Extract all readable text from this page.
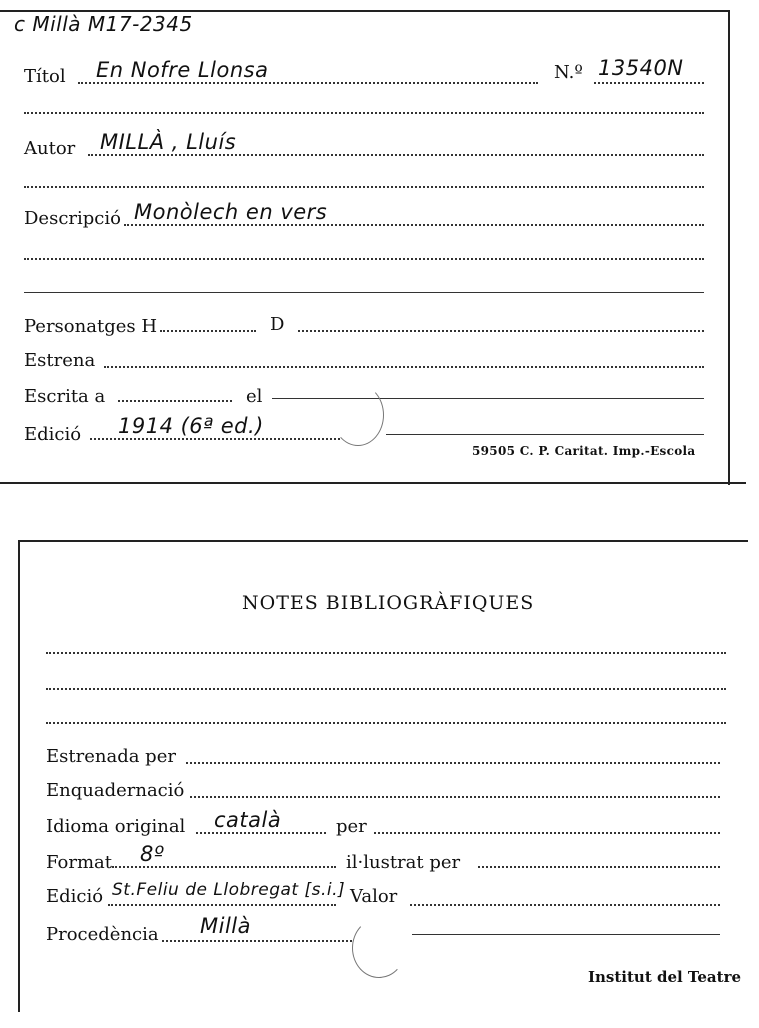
c Millà M17-2345
Títol En Nofre Llonsa	N.º 13540N
Autor MILLÀ , Lluís
Descripció Monòlech en vers
Personatges H	D
Estrena
Escrita a	el
Edició 1914 (6ª ed.)
59505 C. P. Caritat. Imp.-Escola
NOTES BIBLIOGRÀFIQUES
Estrenada per
Enquadernació
Idioma original català	per
Format 8º	il·lustrat per
Edició St.Feliu de Llobregat [s.i.] Valor
Procedència Millà
Institut del Teatre
